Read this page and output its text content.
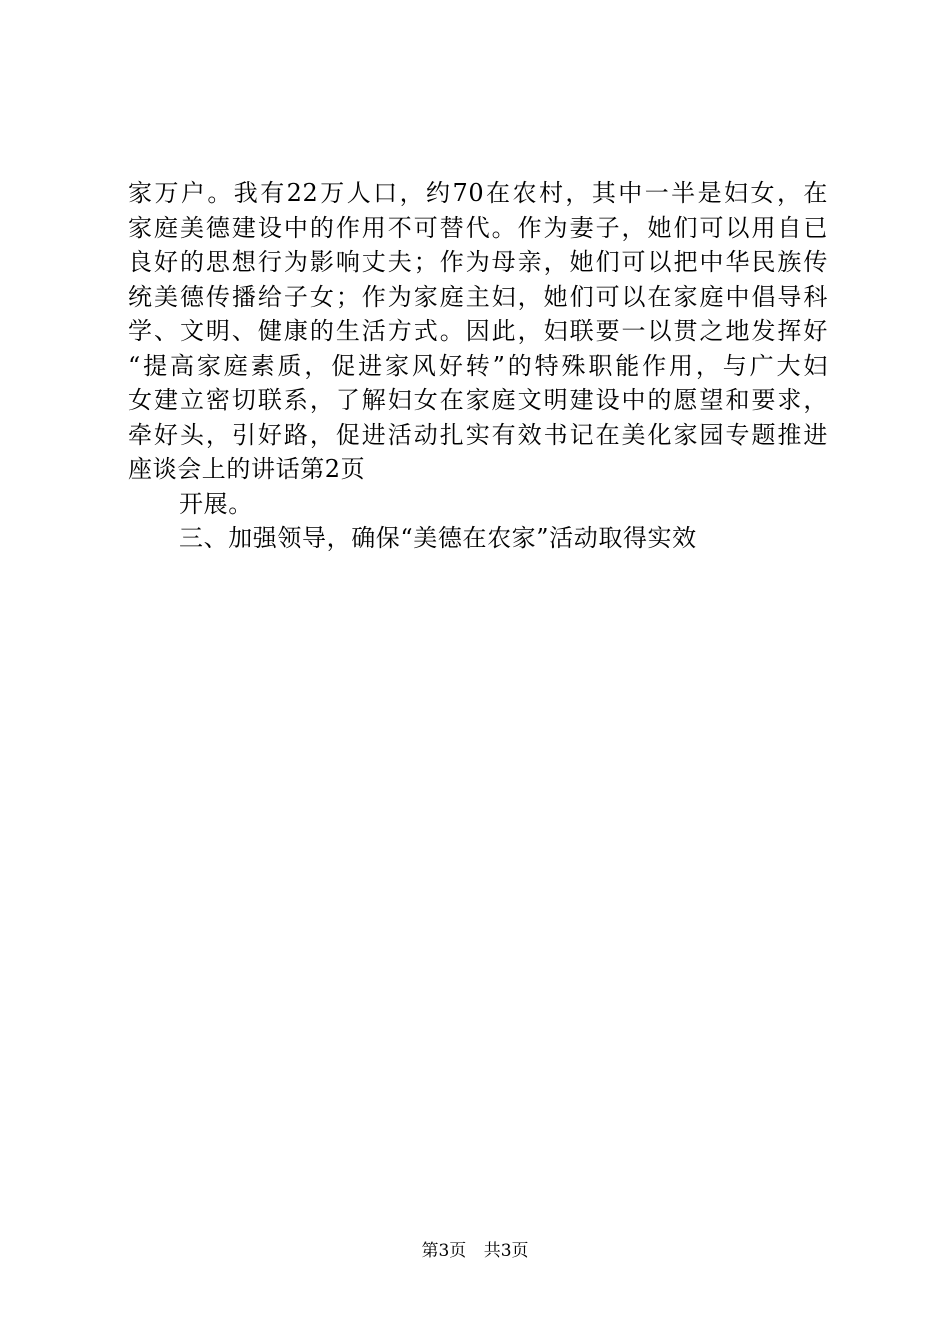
家万户。我有22万人口，约70在农村，其中一半是妇女，在
家庭美德建设中的作用不可替代。作为妻子，她们可以用自已
良好的思想行为影响丈夫；作为母亲，她们可以把中华民族传
统美德传播给子女；作为家庭主妇，她们可以在家庭中倡导科
学、文明、健康的生活方式。因此，妇联要一以贯之地发挥好
“提高家庭素质，促进家风好转”的特殊职能作用，与广大妇
女建立密切联系，了解妇女在家庭文明建设中的愿望和要求，
牵好头，引好路，促进活动扎实有效书记在美化家园专题推进
座谈会上的讲话第2页
开展。
三、加强领导，确保“美德在农家”活动取得实效
第3页 共3页
